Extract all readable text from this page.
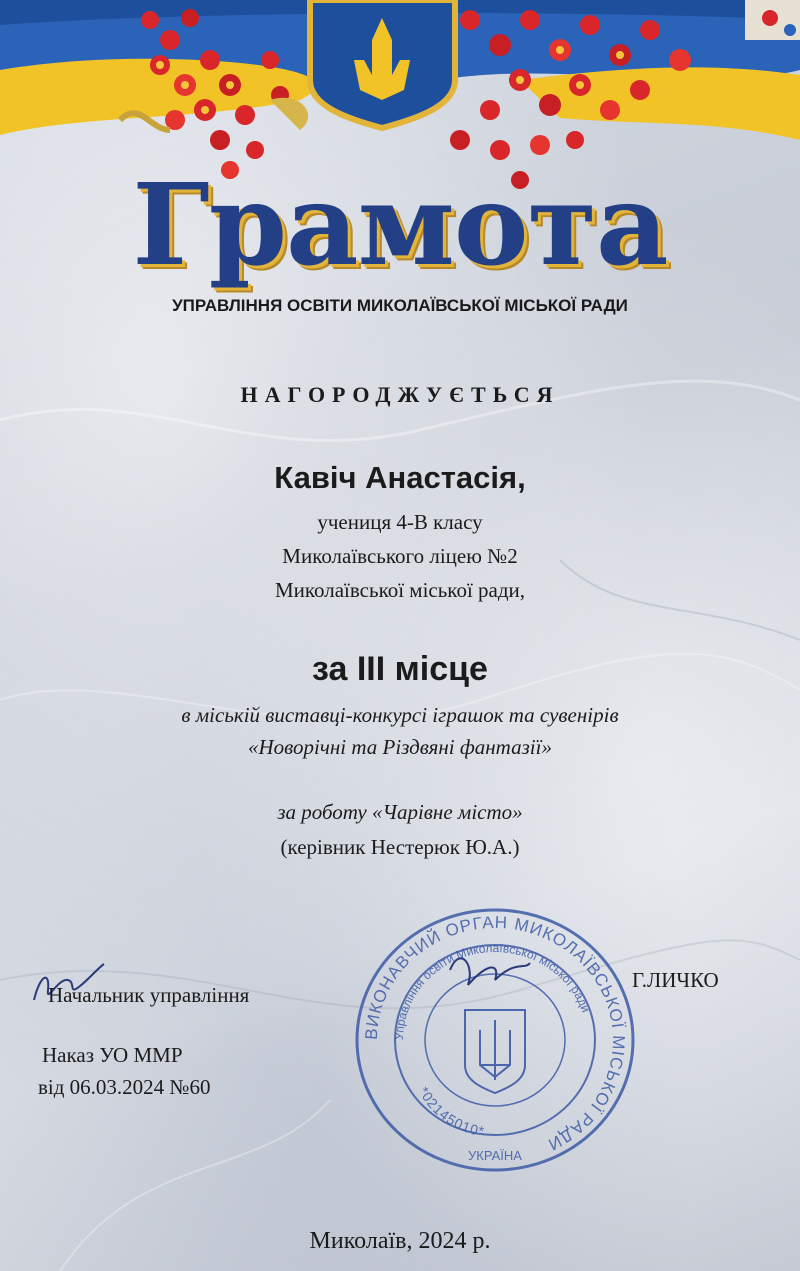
Грамота
УПРАВЛІННЯ ОСВІТИ МИКОЛАЇВСЬКОЇ МІСЬКОЇ РАДИ
НАГОРОДЖУЄТЬСЯ
Кавіч Анастасія,
учениця 4-В класу
Миколаївського ліцею №2
Миколаївської міської ради,
за ІІІ місце
в міській виставці-конкурсі іграшок та сувенірів
«Новорічні та Різдвяні фантазії»
за роботу «Чарівне місто»
(керівник Нестерюк Ю.А.)
Начальник управління
Г.ЛИЧКО
Наказ УО ММР
від 06.03.2024 №60
ВИКОНАВЧИЙ ОРГАН МИКОЛАЇВСЬКОЇ МІСЬКОЇ РАДИ
Управління освіти Миколаївської міської ради
*02145010*
УКРАЇНА
Миколаїв, 2024 р.
